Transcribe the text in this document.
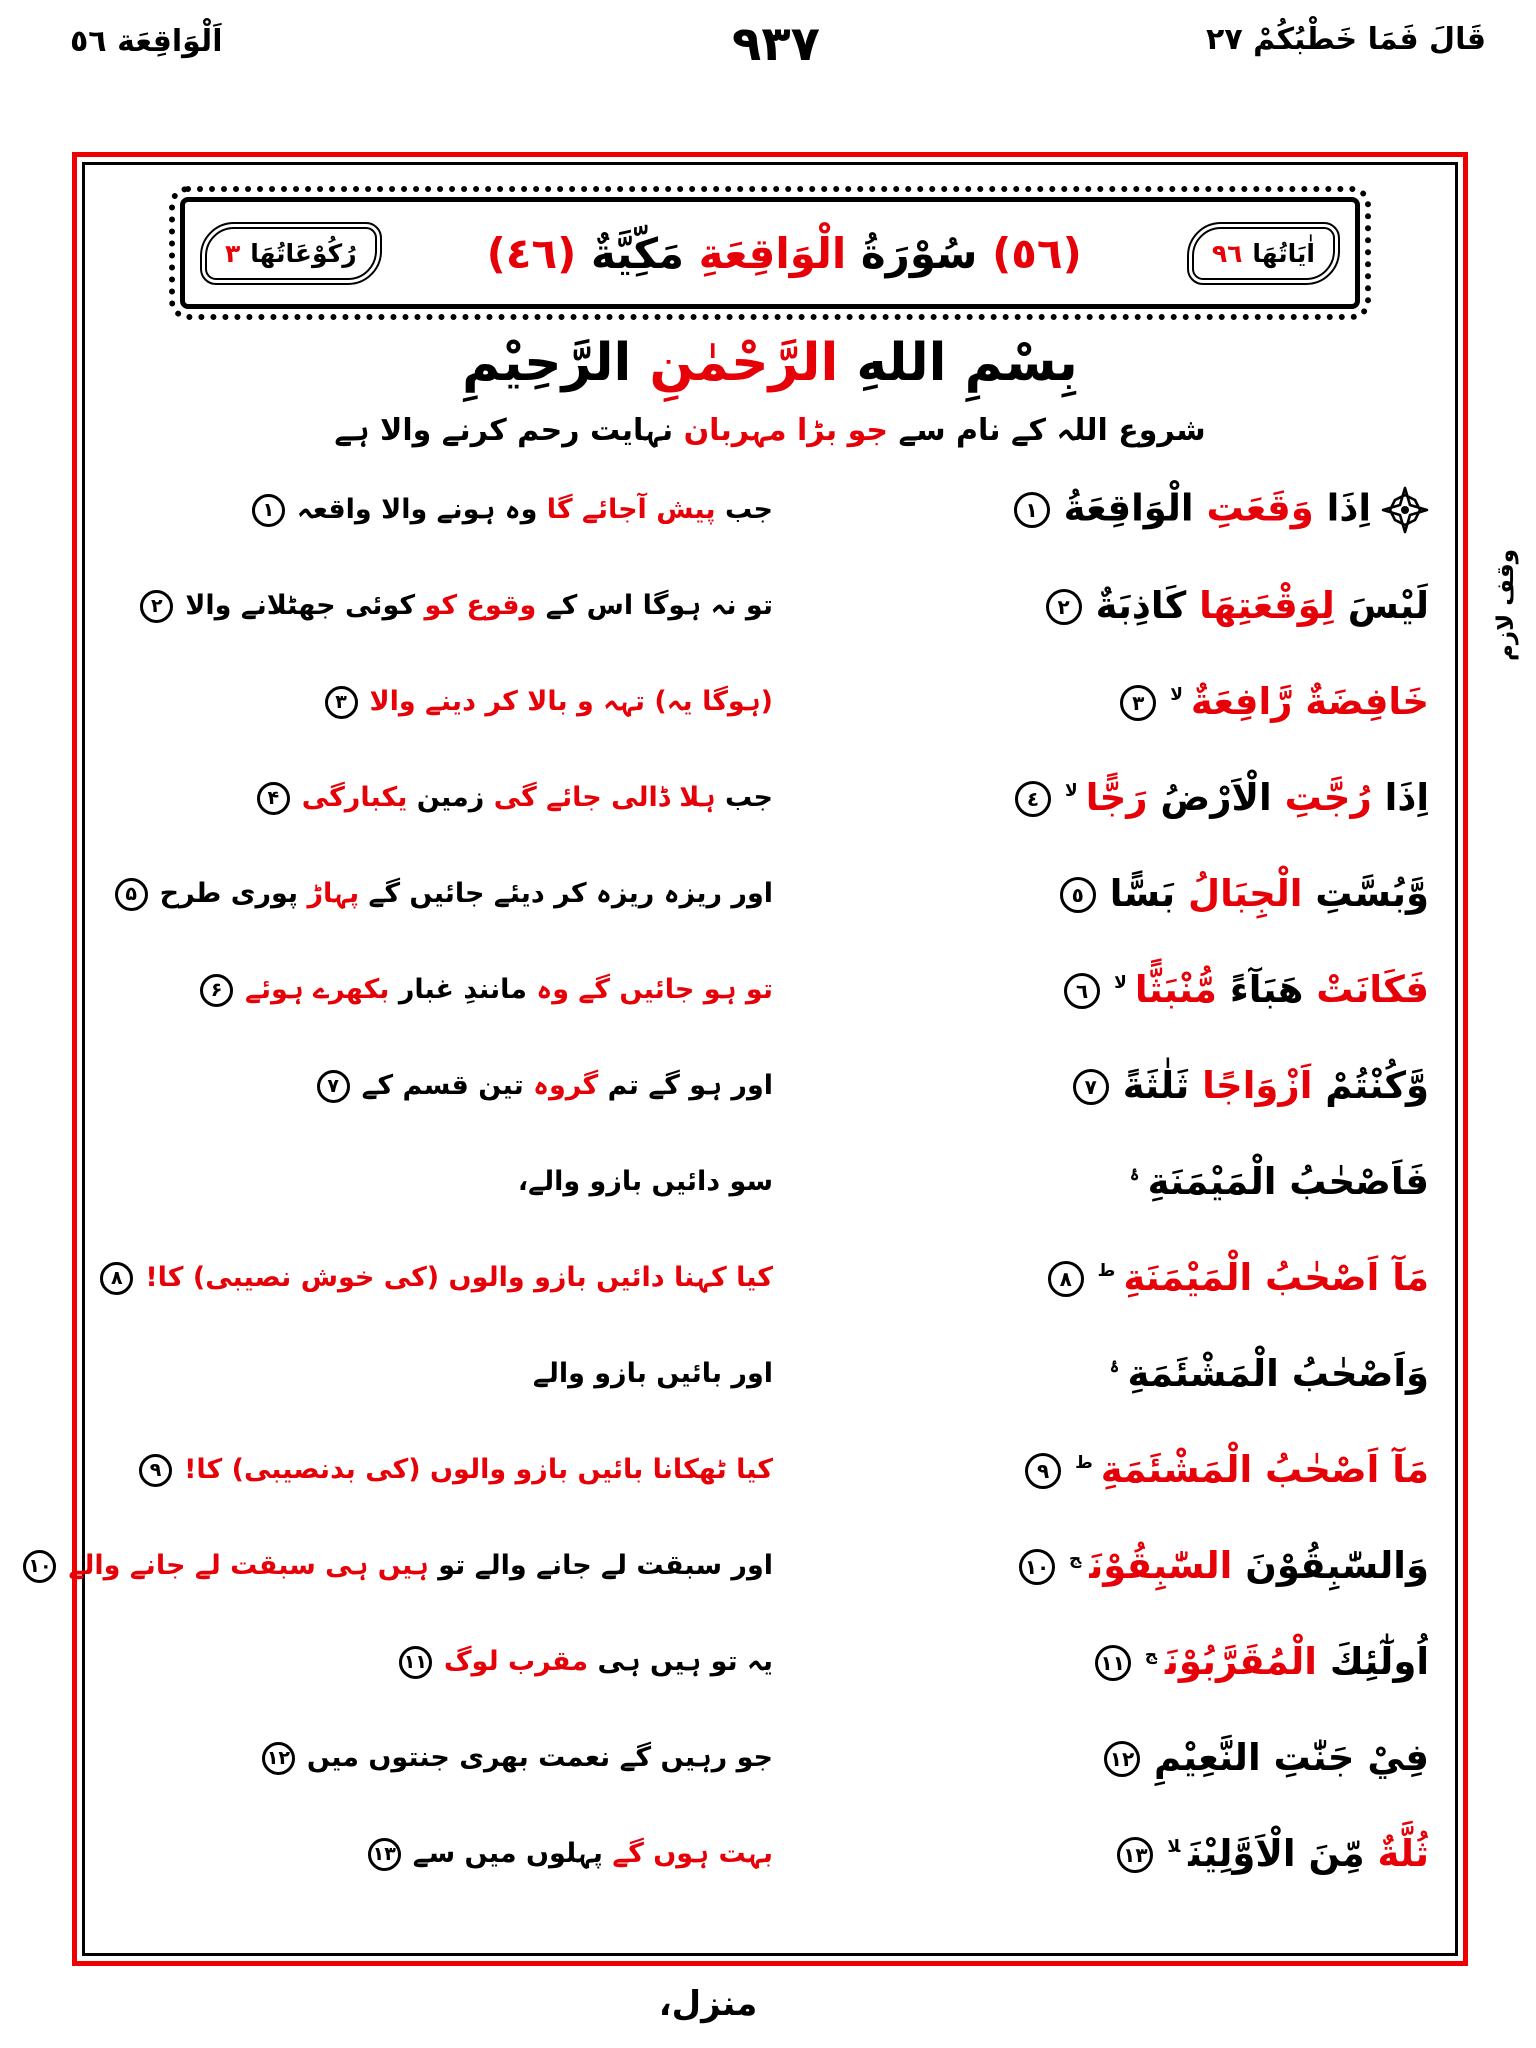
اَلْوَاقِعَة ٥٦	٩٣٧	قَالَ فَمَا خَطْبُكُمْ ٢٧
وقف لازم
اٰيَاتُهَا
٩٦
(٥٦) سُوْرَةُ الْوَاقِعَةِ مَكِّيَّةٌ (٤٦)
رُكُوْعَاتُهَا
٣
بِسْمِ اللهِ الرَّحْمٰنِ الرَّحِيْمِ
شروع اللہ کے نام سے جو بڑا مہربان نہایت رحم کرنے والا ہے
اِذَا وَقَعَتِ الْوَاقِعَةُ١
جب پیش آجائے گا وہ ہونے والا واقعہ۱
لَيْسَ لِوَقْعَتِهَا كَاذِبَةٌ٢
تو نہ ہوگا اس کے وقوع کو کوئی جھٹلانے والا۲
خَافِضَةٌ رَّافِعَةٌ$^{لا}$٣
(ہوگا یہ) تہہ و بالا کر دینے والا۳
اِذَا رُجَّتِ الْاَرْضُ رَجًّا$^{لا}$٤
جب ہلا ڈالی جائے گی زمین یکبارگی۴
وَّبُسَّتِ الْجِبَالُ بَسًّا٥
اور ریزہ ریزہ کر دیئے جائیں گے پہاڑ پوری طرح۵
فَكَانَتْ هَبَآءً مُّنْبَثًّا$^{لا}$٦
تو ہو جائیں گے وہ مانندِ غبار بکھرے ہوئے۶
وَّكُنْتُمْ اَزْوَاجًا ثَلٰثَةً٧
اور ہو گے تم گروہ تین قسم کے۷
فَاَصْحٰبُ الْمَيْمَنَةِ$^ۂ$
سو دائیں بازو والے،
مَآ اَصْحٰبُ الْمَيْمَنَةِ$^ط$٨
کیا کہنا دائیں بازو والوں (کی خوش نصیبی) کا!۸
وَاَصْحٰبُ الْمَشْئَمَةِ$^ۂ$
اور بائیں بازو والے
مَآ اَصْحٰبُ الْمَشْئَمَةِ$^ط$٩
کیا ٹھکانا بائیں بازو والوں (کی بدنصیبی) کا!۹
وَالسّٰبِقُوْنَ السّٰبِقُوْنَ$^ج$١٠
اور سبقت لے جانے والے تو ہیں ہی سبقت لے جانے والے۱۰
اُولٰٓئِكَ الْمُقَرَّبُوْنَ$^ج$١١
یہ تو ہیں ہی مقرب لوگ۱۱
فِيْ جَنّٰتِ النَّعِيْمِ١٢
جو رہیں گے نعمت بھری جنتوں میں۱۲
ثُلَّةٌ مِّنَ الْاَوَّلِيْنَ$^{لا}$١٣
بہت ہوں گے پہلوں میں سے۱۳
منزل،
